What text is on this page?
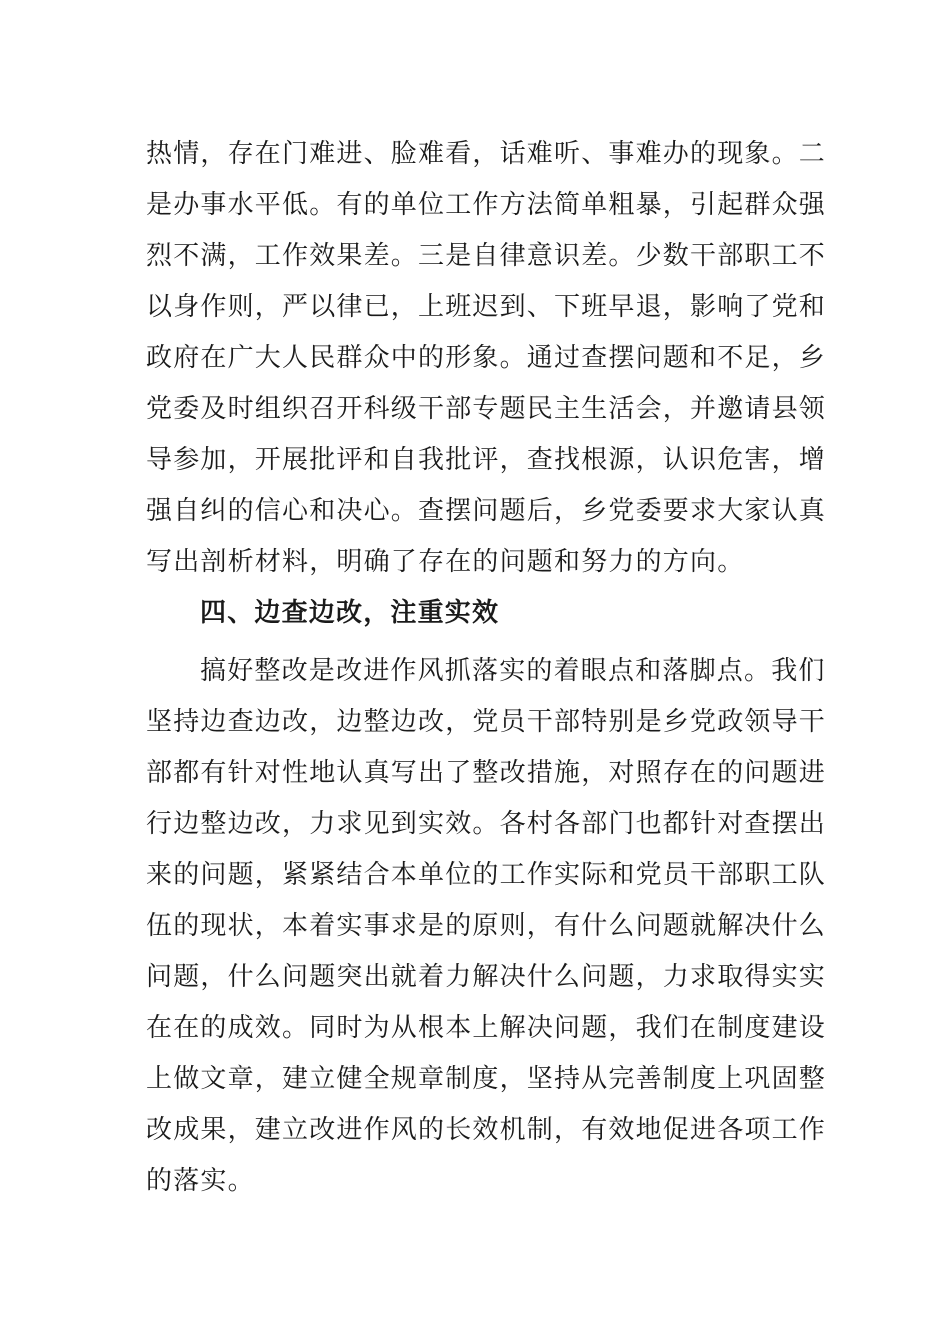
热情，存在门难进、脸难看，话难听、事难办的现象。二
是办事水平低。有的单位工作方法简单粗暴，引起群众强
烈不满，工作效果差。三是自律意识差。少数干部职工不
以身作则，严以律已，上班迟到、下班早退，影响了党和
政府在广大人民群众中的形象。通过查摆问题和不足，乡
党委及时组织召开科级干部专题民主生活会，并邀请县领
导参加，开展批评和自我批评，查找根源，认识危害，增
强自纠的信心和决心。查摆问题后，乡党委要求大家认真
写出剖析材料，明确了存在的问题和努力的方向。
四、边查边改，注重实效
搞好整改是改进作风抓落实的着眼点和落脚点。我们
坚持边查边改，边整边改，党员干部特别是乡党政领导干
部都有针对性地认真写出了整改措施，对照存在的问题进
行边整边改，力求见到实效。各村各部门也都针对查摆出
来的问题，紧紧结合本单位的工作实际和党员干部职工队
伍的现状，本着实事求是的原则，有什么问题就解决什么
问题，什么问题突出就着力解决什么问题，力求取得实实
在在的成效。同时为从根本上解决问题，我们在制度建设
上做文章，建立健全规章制度，坚持从完善制度上巩固整
改成果，建立改进作风的长效机制，有效地促进各项工作
的落实。
